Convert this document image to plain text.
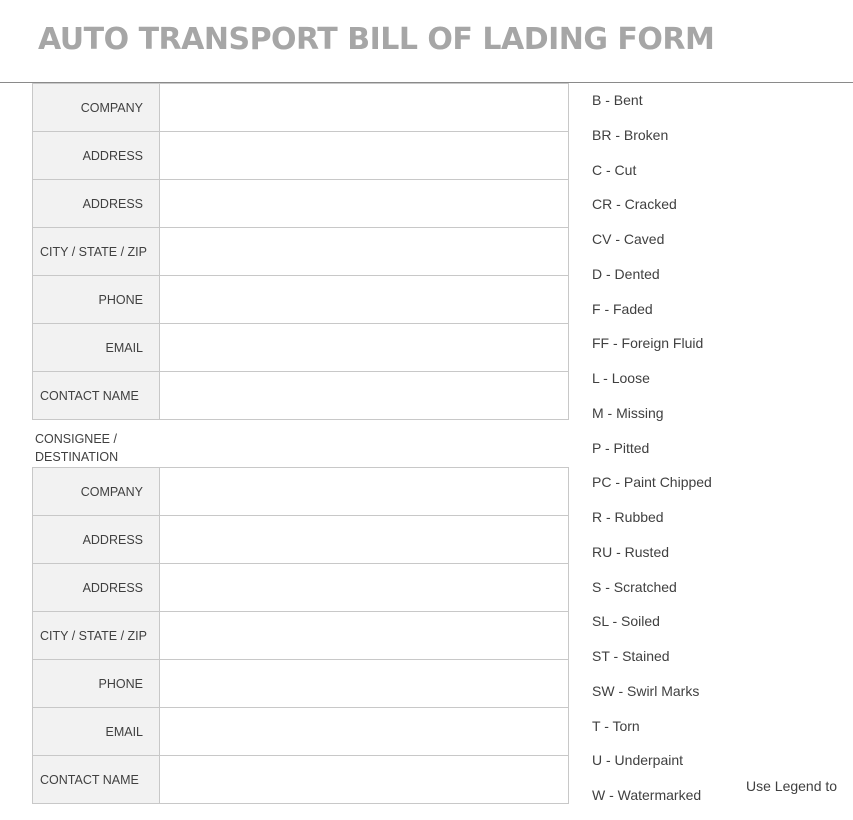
AUTO TRANSPORT BILL OF LADING FORM
COMPANY	
ADDRESS	
ADDRESS	
CITY / STATE / ZIP	
PHONE	
EMAIL	
CONTACT NAME	
CONSIGNEE /
DESTINATION
COMPANY	
ADDRESS	
ADDRESS	
CITY / STATE / ZIP	
PHONE	
EMAIL	
CONTACT NAME	
B - Bent
BR - Broken
C - Cut
CR - Cracked
CV - Caved
D - Dented
F - Faded
FF - Foreign Fluid
L - Loose
M - Missing
P - Pitted
PC - Paint Chipped
R - Rubbed
RU - Rusted
S - Scratched
SL - Soiled
ST - Stained
SW - Swirl Marks
T - Torn
U - Underpaint
W - Watermarked
Use Legend to
